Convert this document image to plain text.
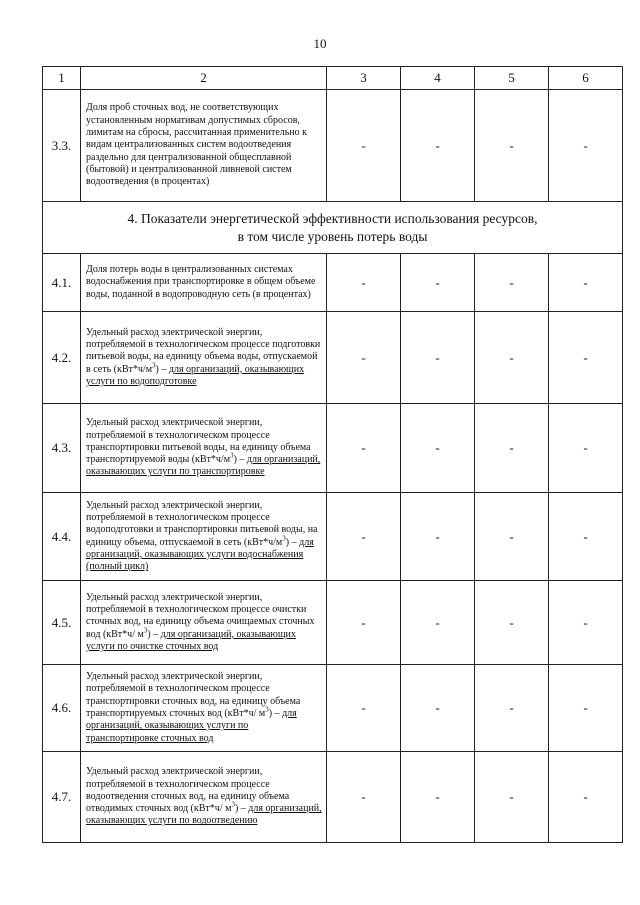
10
1	2	3	4	5	6
3.3.	Доля проб сточных вод, не соответствующих установленным нормативам допустимых сбросов, лимитам на сбросы, рассчитанная применительно к видам централизованных систем водоотведения раздельно для централизованной общесплавной (бытовой) и централизованной ливневой систем водоотведения (в процентах)	-	-	-	-
4. Показатели энергетической эффективности использования ресурсов,
в том числе уровень потерь воды					
4.1.	Доля потерь воды в централизованных системах водоснабжения при транспортировке в общем объеме воды, поданной в водопроводную сеть (в процентах)	-	-	-	-
4.2.	Удельный расход электрической энергии, потребляемой в технологическом процессе подготовки питьевой воды, на единицу объема воды, отпускаемой в сеть $(кВт*ч/м^3)$ – для организаций, оказывающих услуги по водоподготовке	-	-	-	-
4.3.	Удельный расход электрической энергии, потребляемой в технологическом процессе транспортировки питьевой воды, на единицу объема транспортируемой воды $(кВт*ч/м^3)$ – для организаций, оказывающих услуги по транспортировке	-	-	-	-
4.4.	Удельный расход электрической энергии, потребляемой в технологическом процессе водоподготовки и транспортировки питьевой воды, на единицу объема, отпускаемой в сеть $(кВт*ч/м^3)$ – для организаций, оказывающих услуги водоснабжения (полный цикл)	-	-	-	-
4.5.	Удельный расход электрической энергии, потребляемой в технологическом процессе очистки сточных вод, на единицу объема очищаемых сточных вод (кВт*ч/ $м^3$) – для организаций, оказывающих услуги по очистке сточных вод	-	-	-	-
4.6.	Удельный расход электрической энергии, потребляемой в технологическом процессе транспортировки сточных вод, на единицу объема транспортируемых сточных вод (кВт*ч/ $м^3$) – для организаций, оказывающих услуги по транспортировке сточных вод	-	-	-	-
4.7.	Удельный расход электрической энергии, потребляемой в технологическом процессе водоотведения сточных вод, на единицу объема отводимых сточных вод (кВт*ч/ $м^3$) – для организаций, оказывающих услуги по водоотведению	-	-	-	-
